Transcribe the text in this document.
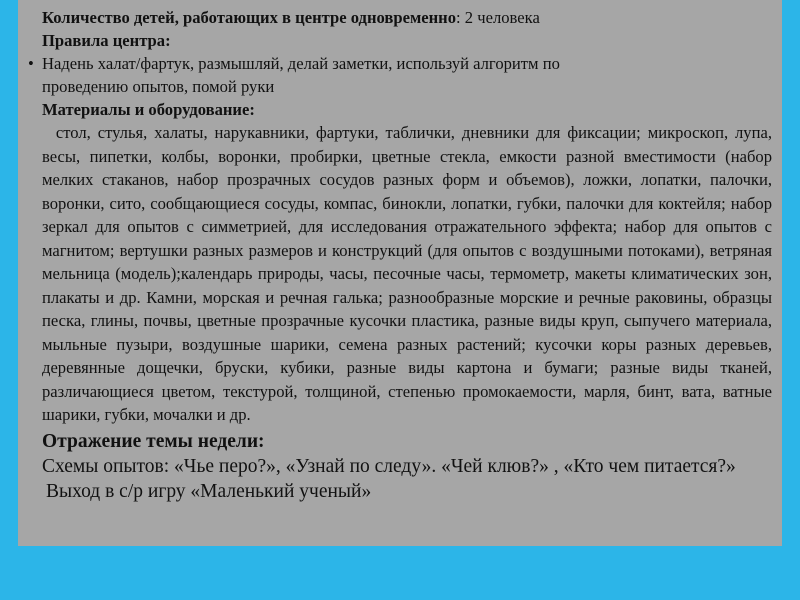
Количество детей, работающих в центре одновременно: 2 человека

Правила центра:

• Надень халат/фартук, размышляй, делай заметки, используй алгоритм по

проведению опытов, помой руки

Материалы и оборудование:

стол, стулья, халаты, нарукавники, фартуки, таблички, дневники для фиксации; микроскоп, лупа, весы, пипетки, колбы, воронки, пробирки, цветные стекла, емкости разной вместимости (набор мелких стаканов, набор прозрачных сосудов разных форм и объемов), ложки, лопатки, палочки, воронки, сито, сообщающиеся сосуды, компас, бинокли, лопатки, губки, палочки для коктейля; набор зеркал для опытов с симметрией, для исследования отражательного эффекта; набор для опытов с магнитом; вертушки разных размеров и конструкций (для опытов с воздушными потоками), ветряная мельница (модель);календарь природы, часы, песочные часы, термометр, макеты климатических зон, плакаты и др. Камни, морская и речная галька; разнообразные морские и речные раковины, образцы песка, глины, почвы, цветные прозрачные кусочки пластика, разные виды круп, сыпучего материала, мыльные пузыри, воздушные шарики, семена разных растений; кусочки коры разных деревьев, деревянные дощечки, бруски, кубики, разные виды картона и бумаги; разные виды тканей, различающиеся цветом, текстурой, толщиной, степенью промокаемости, марля, бинт, вата, ватные шарики, губки, мочалки и др.

Отражение темы недели:

Схемы опытов: «Чье перо?», «Узнай по следу». «Чей клюв?» , «Кто чем питается?»

Выход в с/р игру «Маленький ученый»
